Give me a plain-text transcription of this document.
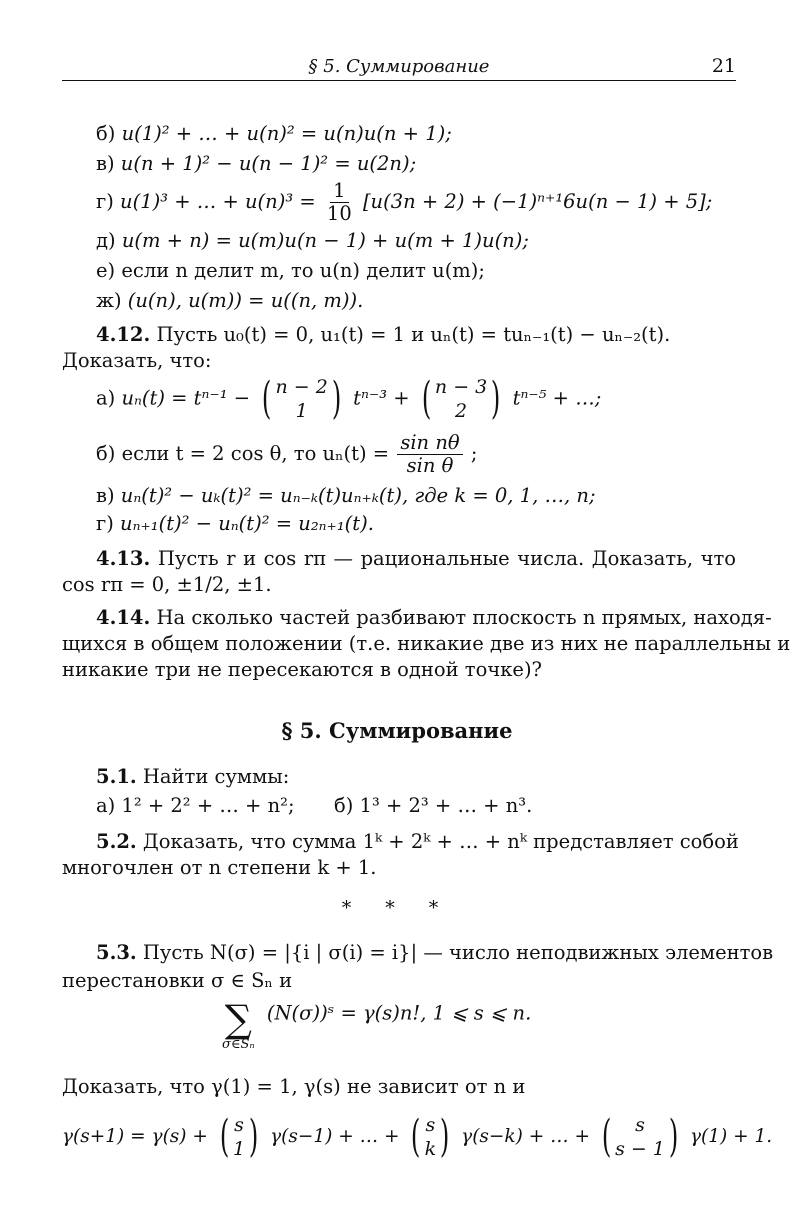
§ 5. Суммирование	21
б) u(1)² + … + u(n)² = u(n)u(n + 1);
в) u(n + 1)² − u(n − 1)² = u(2n);
г) u(1)³ + … + $u(n)^3 = \frac{1}{10} [u(3n + 2) + (-1)^{n+1}6u(n - 1) + 5]$;
д) u(m + n) = u(m)u(n − 1) + u(m + 1)u(n);
е) если n делит m, то u(n) делит u(m);
ж) (u(n), u(m)) = u((n, m)).
4.12. Пусть u₀(t) = 0, u₁(t) = 1 и uₙ(t) = tuₙ₋₁(t) − uₙ₋₂(t).
Доказать, что:
а) uₙ(t) = tⁿ⁻¹ − ( n − 2
1 ) tⁿ⁻³ + ( n − 3
2 ) tⁿ⁻⁵ + …;
б) если t = 2 cos θ, то $u_n(t) = \frac{\text{sin nθ}}{\text{sin θ}}$ ;
в) uₙ(t)² − uₖ(t)² = uₙ₋ₖ(t)uₙ₊ₖ(t), где k = 0, 1, …, n;
г) uₙ₊₁(t)² − uₙ(t)² = u₂ₙ₊₁(t).
4.13. Пусть r и cos rπ — рациональные числа. Доказать, что
cos rπ = 0, ±1/2, ±1.
4.14. На сколько частей разбивают плоскость n прямых, находя-
щихся в общем положении (т.е. никакие две из них не параллельны и
никакие три не пересекаются в одной точке)?
§ 5. Суммирование
5.1. Найти суммы:
а) 1² + 2² + … + n²; б) 1³ + 2³ + … + n³.
5.2. Доказать, что сумма 1ᵏ + 2ᵏ + … + nᵏ представляет собой
многочлен от n степени k + 1.
* * *
5.3. Пусть N(σ) = |{i | σ(i) = i}| — число неподвижных элементов
перестановки σ ∈ Sₙ и
∑
σ∈Sₙ
(N(σ))ˢ = γ(s)n!, 1 ⩽ s ⩽ n.
Доказать, что γ(1) = 1, γ(s) не зависит от n и
γ(s+1) = γ(s) + ( s
1 ) γ(s−1) + … + ( s
k ) γ(s−k) + … + ( s
s − 1 ) γ(1) + 1.
